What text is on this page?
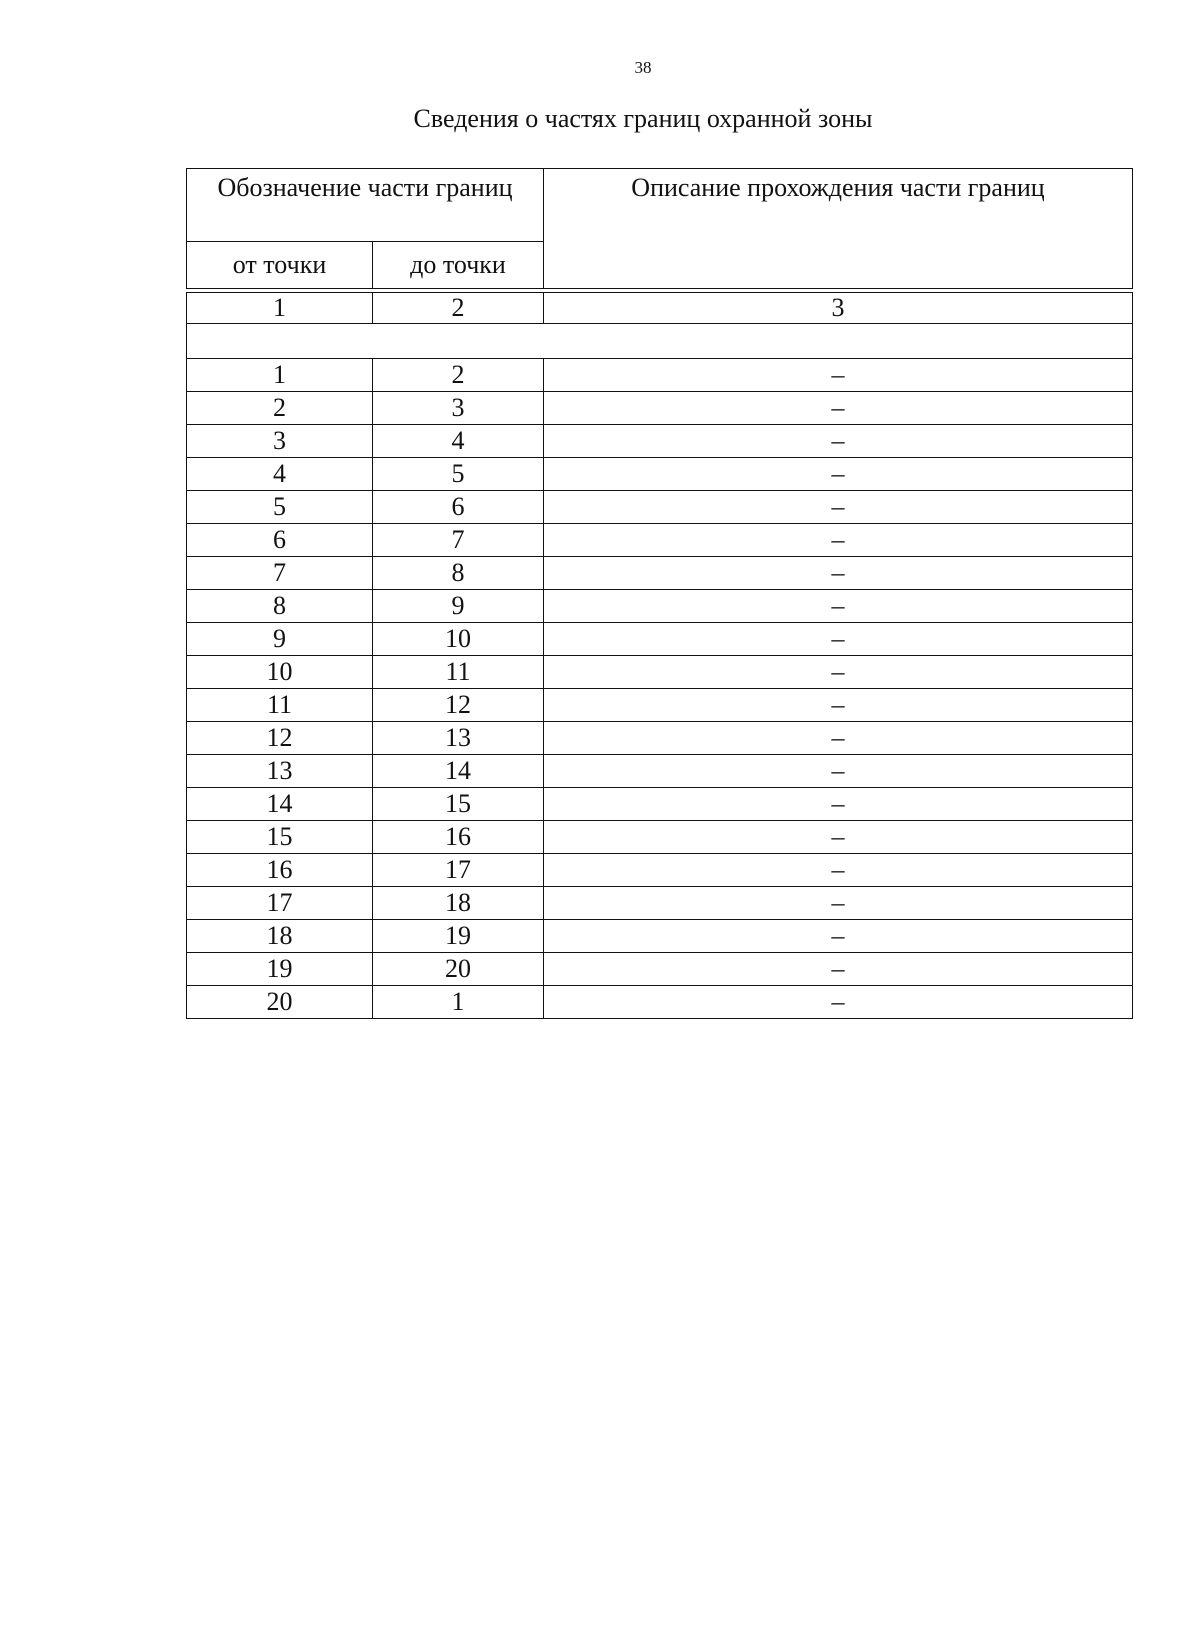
38
Сведения о частях границ охранной зоны
Обозначение части границ		Описание прохождения части границ
от точки	до точки	

1	2	3

1	2	–
2	3	–
3	4	–
4	5	–
5	6	–
6	7	–
7	8	–
8	9	–
9	10	–
10	11	–
11	12	–
12	13	–
13	14	–
14	15	–
15	16	–
16	17	–
17	18	–
18	19	–
19	20	–
20	1	–
